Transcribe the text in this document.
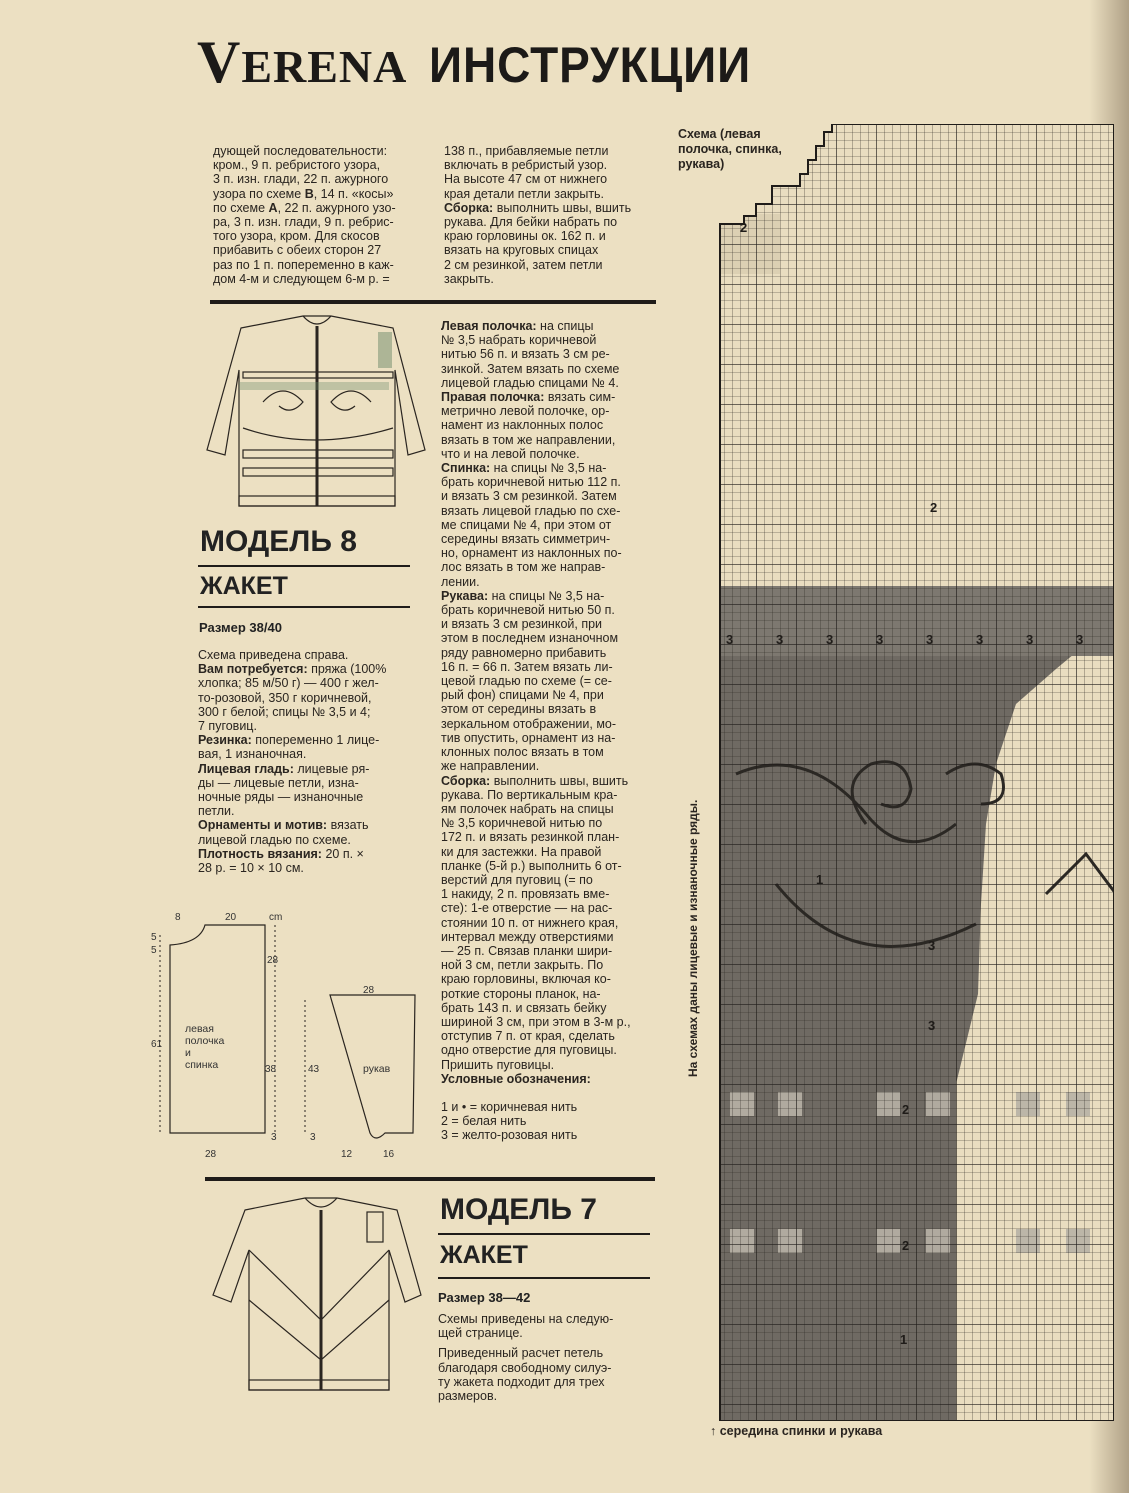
VERENA ИНСТРУКЦИИ

дующей последовательности:

кром., 9 п. ребристого узора,

3 п. изн. глади, 22 п. ажурного

узора по схеме B, 14 п. «косы»

по схеме A, 22 п. ажурного узо-

ра, 3 п. изн. глади, 9 п. ребрис-

того узора, кром. Для скосов

прибавить с обеих сторон 27

раз по 1 п. попеременно в каж-

дом 4-м и следующем 6-м р. =

138 п., прибавляемые петли

включать в ребристый узор.

На высоте 47 см от нижнего

края детали петли закрыть.

Сборка: выполнить швы, вшить

рукава. Для бейки набрать по

краю горловины ок. 162 п. и

вязать на круговых спицах

2 см резинкой, затем петли

закрыть.

МОДЕЛЬ 8
ЖАКЕТ
Размер 38/40

Схема приведена справа.

Вам потребуется: пряжа (100%

хлопка; 85 м/50 г) — 400 г жел-

то-розовой, 350 г коричневой,

300 г белой; спицы № 3,5 и 4;

7 пуговиц.

Резинка: попеременно 1 лице-

вая, 1 изнаночная.

Лицевая гладь: лицевые ря-

ды — лицевые петли, изна-

ночные ряды — изнаночные

петли.

Орнаменты и мотив: вязать

лицевой гладью по схеме.

Плотность вязания: 20 п. ×

28 р. = 10 × 10 см.

Левая полочка: на спицы

№ 3,5 набрать коричневой

нитью 56 п. и вязать 3 см ре-

зинкой. Затем вязать по схеме

лицевой гладью спицами № 4.

Правая полочка: вязать сим-

метрично левой полочке, ор-

намент из наклонных полос

вязать в том же направлении,

что и на левой полочке.

Спинка: на спицы № 3,5 на-

брать коричневой нитью 112 п.

и вязать 3 см резинкой. Затем

вязать лицевой гладью по схе-

ме спицами № 4, при этом от

середины вязать симметрич-

но, орнамент из наклонных по-

лос вязать в том же направ-

лении.

Рукава: на спицы № 3,5 на-

брать коричневой нитью 50 п.

и вязать 3 см резинкой, при

этом в последнем изнаночном

ряду равномерно прибавить

16 п. = 66 п. Затем вязать ли-

цевой гладью по схеме (= се-

рый фон) спицами № 4, при

этом от середины вязать в

зеркальном отображении, мо-

тив опустить, орнамент из на-

клонных полос вязать в том

же направлении.

Сборка: выполнить швы, вшить

рукава. По вертикальным кра-

ям полочек набрать на спицы

№ 3,5 коричневой нитью по

172 п. и вязать резинкой план-

ки для застежки. На правой

планке (5-й р.) выполнить 6 от-

верстий для пуговиц (= по

1 накиду, 2 п. провязать вме-

сте): 1-е отверстие — на рас-

стоянии 10 п. от нижнего края,

интервал между отверстиями

— 25 п. Связав планки шири-

ной 3 см, петли закрыть. По

краю горловины, включая ко-

роткие стороны планок, на-

брать 143 п. и связать бейку

шириной 3 см, при этом в 3-м р.,

отступив 7 п. от края, сделать

одно отверстие для пуговицы.

Пришить пуговицы.

Условные обозначения:

1 и • = коричневая нить

2 = белая нить

3 = желто-розовая нить

8	20	cm
5
5
28
61
38
3
28
28
43
3
12	16
левая
полочка
и
спинка	рукав
МОДЕЛЬ 7
ЖАКЕТ
Размер 38—42

Схемы приведены на следую-

щей странице.

Приведенный расчет петель

благодаря свободному силуэ-

ту жакета подходит для трех

размеров.

Схема (левая
полочка, спинка,
рукава)
2
2
3	3	3	3	3	3	3	3
1
3
3
2
2
1
На схемах даны лицевые и изнаночные ряды.
↑ середина спинки и рукава
